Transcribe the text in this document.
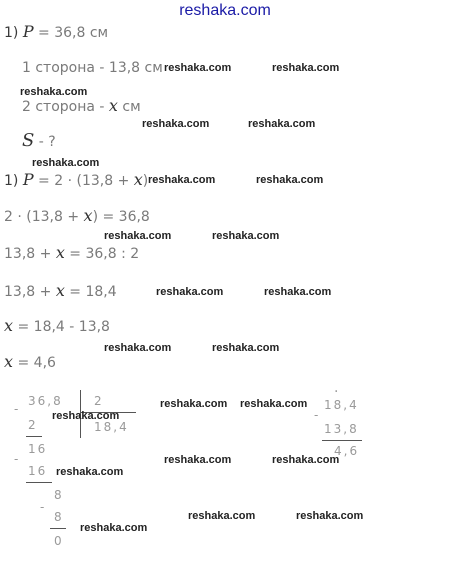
reshaka.com
1) P = 36,8 см
1 сторона - 13,8 см
2 сторона - x см
S - ?
1) P = 2 · (13,8 + x)
2 · (13,8 + x) = 36,8
13,8 + x = 36,8 : 2
13,8 + x = 18,4
x = 18,4 - 13,8
x = 4,6
-
36,8	2
18,4
2
-
16
16
-
8
8
0
·
-
18,4
13,8
4,6
reshaka.com	reshaka.com
reshaka.com
reshaka.com	reshaka.com
reshaka.com
reshaka.com	reshaka.com
reshaka.com	reshaka.com
reshaka.com	reshaka.com
reshaka.com	reshaka.com
reshaka.com
reshaka.com reshaka.com
reshaka.com
reshaka.com	reshaka.com
reshaka.com
reshaka.com	reshaka.com
